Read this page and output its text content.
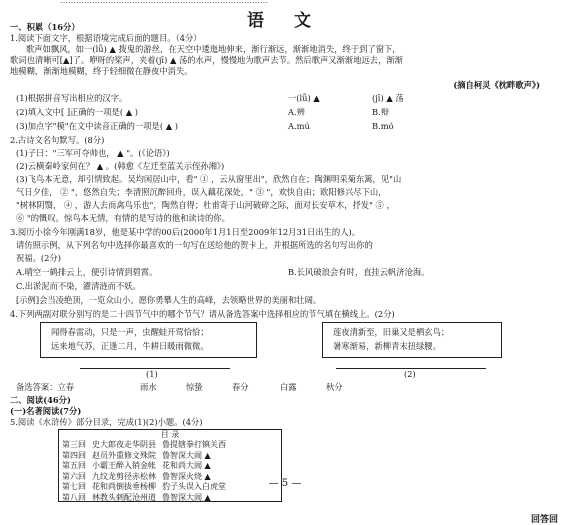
……………………………………………………………………
语 文
一、积累（16分）
1.阅读下面文字，根据语境完成后面的题目。（4分）
歌声如飘风，如一(lǚ) ▲ 拨鬼的游丝，在天空中逶迤地伸来，渐行渐远，渐渐地消失，终于到了窗下，
歌词也清晰可[▲]了。咿呀的桨声，夹着(jī) ▲ 荡的水声，慢慢地为歌声去节。然后歌声又渐渐地远去，渐渐
地模糊，渐渐地模糊，终于轻细微在静夜中消失。
(摘自柯灵《枕畔歌声》)
(1)根据拼音写出相应的汉字。	一(lǚ) ▲	(jī) ▲ 荡
(2)填入文中[ ]正确的一项是( ▲ )	A.辨	B.辩
(3)加点字"模"在文中读音正确的一项是( ▲ )	A.mú	B.mó
2.古诗文名句默写。(8分)
(1)子曰："三军可夺帅也， ▲ "。(《论语》)
(2)云横秦岭家何在？ ▲ 。(韩愈《左迁至蓝关示侄孙湘》)
(3)飞鸟本无意，却引情致起。吴均闲居山中，看" ① ，云从窗里出"，欣然自在；陶渊明采菊东篱，见"山
气日夕佳， ② "，悠然自失；李清照沉醉回舟，误入藕花深处，" ③ "，欢快自由；欧阳修兴尽下山，
"树林阴翳， ④ ，游人去而禽鸟乐也"，陶然自得；杜甫寄于山河破碎之际，面对长安草木，抒发" ⑤ ，
⑥ "的慨叹。惊鸟本无情，有情的是写诗的他和读诗的你。
3.阅历小徐今年刚满18岁，他是某中学的00后(2000年1月1日至2009年12月31日出生的人)。
请仿照示例，从下列名句中选择你最喜欢的一句写在送给他的贺卡上，并根据所选的名句写出你的
祝福。(2分)
A.晴空一鹤排云上，便引诗情到碧霄。	B.长风破浪会有时，直挂云帆济沧海。
C.出淤泥而不染，濯清涟而不妖。
[示例]会当凌绝顶，一览众山小。愿你勇攀人生的高峰，去领略世界的美丽和壮阔。
4.下列两副对联分别写的是二十四节气中的哪个节气？请从备选答案中选择相应的节气填在横线上。(2分)
闻得春雷动，只是一声，虫醒蛙开莺恰恰；
远来地气苏，正逢二月，牛耕日暖雨微微。
莲夜清新至，旧巢又是栖玄鸟；
暑寒渐易，新柳青末扭绿腰。
(1)	(2)
备选答案：立春	雨水	惊蛰	春分	白露	秋分
二、阅读(46分)
(一)名著阅读(7分)
5.阅读《水浒传》部分目录，完成(1)(2)小题。(4分)
目 录
第三回	史大郎夜走华阴县	鲁提辖拳打镇关西
第四回	赵员外重修文殊院	鲁智深大闹 ▲
第五回	小霸王醉入销金帐	花和尚大闹 ▲
第六回	九纹龙剪径赤松林	鲁智深火烧 ▲
第七回	花和尚倒拔垂杨柳	豹子头误入白虎堂
第八回	林教头刺配沧州道	鲁智深大闹 ▲
— 5 —
回答回
